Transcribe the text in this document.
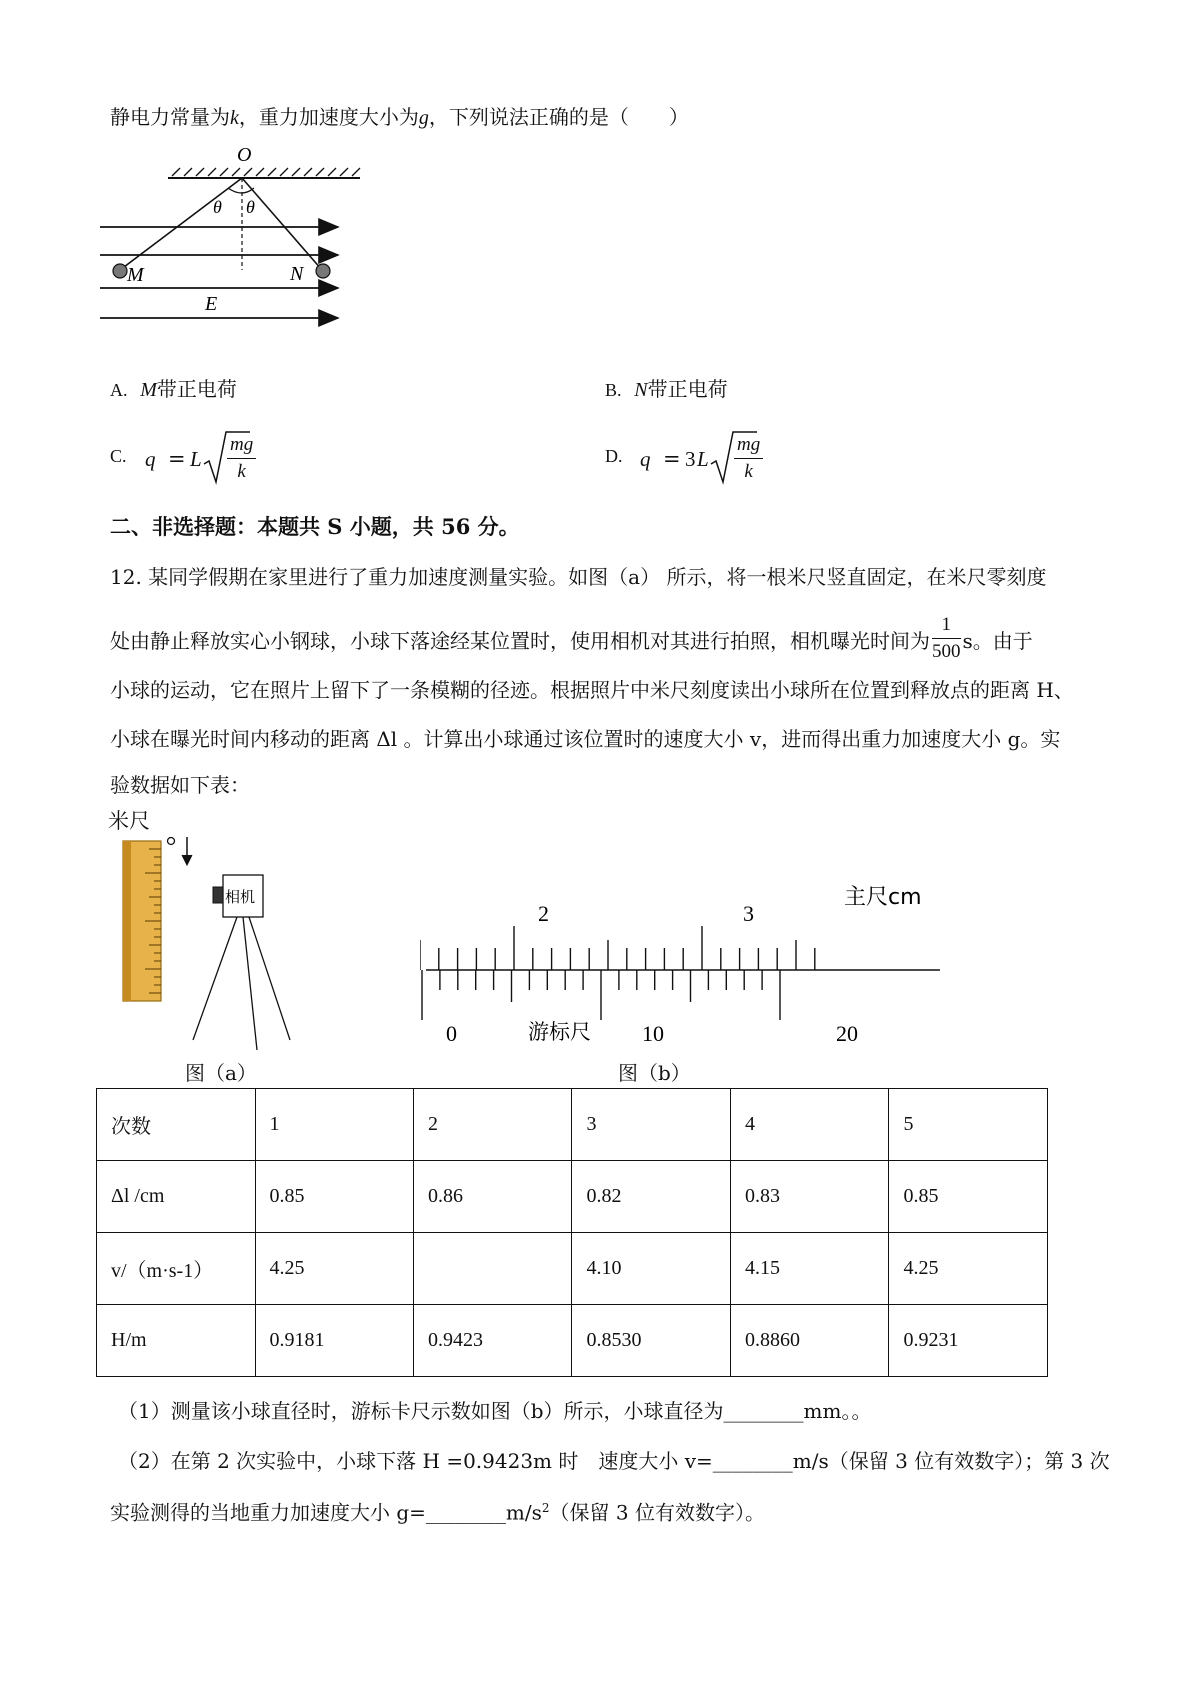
静电力常量为k，重力加速度大小为g，下列说法正确的是（　　）
O
θ θ
M	N
E
A. M带正电荷	B. N带正电荷
C. q = L $\frac{mg}{k}$	D. q = 3 L $\frac{mg}{k}$
二、非选择题：本题共 S 小题，共 56 分。
12. 某同学假期在家里进行了重力加速度测量实验。如图（a） 所示，将一根米尺竖直固定，在米尺零刻度
处由静止释放实心小钢球，小球下落途经某位置时，使用相机对其进行拍照，相机曝光时间为 $\frac{1}{500}$ s。由于
小球的运动，它在照片上留下了一条模糊的径迹。根据照片中米尺刻度读出小球所在位置到释放点的距离 H、
小球在曝光时间内移动的距离 Δl 。计算出小球通过该位置时的速度大小 v，进而得出重力加速度大小 g。实
验数据如下表：
米尺
相机
图（a）
2	3
主尺cm
0	10	20
游标尺
图（b）
次数	1	2	3	4	5
Δl /cm	0.85	0.86	0.82	0.83	0.85
v/（m·s-1）	4.25		4.10	4.15	4.25
H/m	0.9181	0.9423	0.8530	0.8860	0.9231
（1）测量该小球直径时，游标卡尺示数如图（b）所示，小球直径为________mm。。
（2）在第 2 次实验中，小球下落 H =0.9423m 时　速度大小 v=________m/s（保留 3 位有效数字）；第 3 次
实验测得的当地重力加速度大小 $g=\_\_\_\_\_\_\_\_m/s^2$（保留 3 位有效数字）。
